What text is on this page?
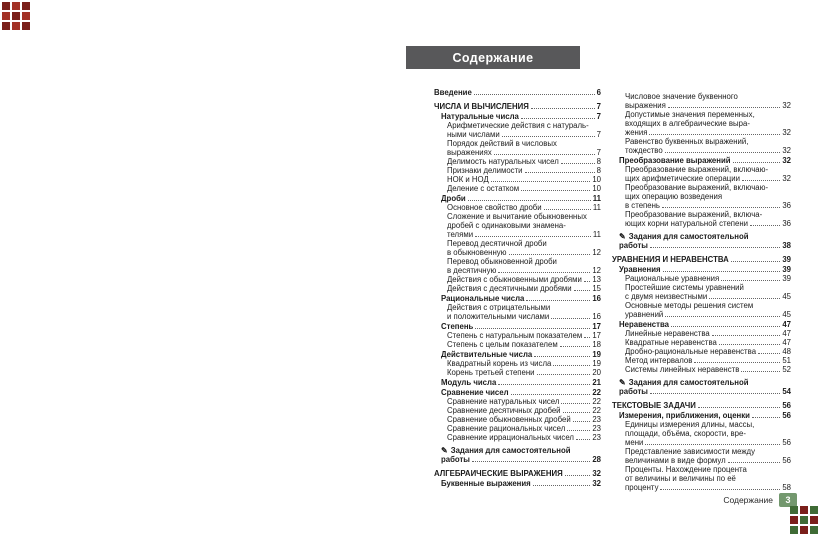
Содержание
Введение	6
ЧИСЛА И ВЫЧИСЛЕНИЯ	7
Натуральные числа	7
Арифметические действия с натураль-
ными числами	7
Порядок действий в числовых
выражениях	7
Делимость натуральных чисел	8
Признаки делимости	8
НОК и НОД	10
Деление с остатком	10
Дроби	11
Основное свойство дроби	11
Сложение и вычитание обыкновенных
дробей с одинаковыми знамена-
телями	11
Перевод десятичной дроби
в обыкновенную	12
Перевод обыкновенной дроби
в десятичную	12
Действия с обыкновенными дробями 13
Действия с десятичными дробями	15
Рациональные числа	16
Действия с отрицательными
и положительными числами	16
Степень	17
Степень с натуральным показателем 17
Степень с целым показателем	18
Действительные числа	19
Квадратный корень из числа	19
Корень третьей степени	20
Модуль числа	21
Сравнение чисел	22
Сравнение натуральных чисел	22
Сравнение десятичных дробей	22
Сравнение обыкновенных дробей	23
Сравнение рациональных чисел	23
Сравнение иррациональных чисел 23
✎ Задания для самостоятельной
работы	28
АЛГЕБРАИЧЕСКИЕ ВЫРАЖЕНИЯ	32
Буквенные выражения	32
Числовое значение буквенного
выражения	32
Допустимые значения переменных,
входящих в алгебраические выра-
жения	32
Равенство буквенных выражений,
тождество	32
Преобразование выражений	32
Преобразование выражений, включаю-
щих арифметические операции	32
Преобразование выражений, включаю-
щих операцию возведения
в степень	36
Преобразование выражений, включа-
ющих корни натуральной степени	36
✎ Задания для самостоятельной
работы	38
УРАВНЕНИЯ И НЕРАВЕНСТВА	39
Уравнения	39
Рациональные уравнения	39
Простейшие системы уравнений
с двумя неизвестными	45
Основные методы решения систем
уравнений	45
Неравенства	47
Линейные неравенства	47
Квадратные неравенства	47
Дробно-рациональные неравенства	48
Метод интервалов	51
Системы линейных неравенств	52
✎ Задания для самостоятельной
работы	54
ТЕКСТОВЫЕ ЗАДАЧИ	56
Измерения, приближения, оценки	56
Единицы измерения длины, массы,
площади, объёма, скорости, вре-
мени	56
Представление зависимости между
величинами в виде формул	56
Проценты. Нахождение процента
от величины и величины по её
проценту	58
Содержание	3
